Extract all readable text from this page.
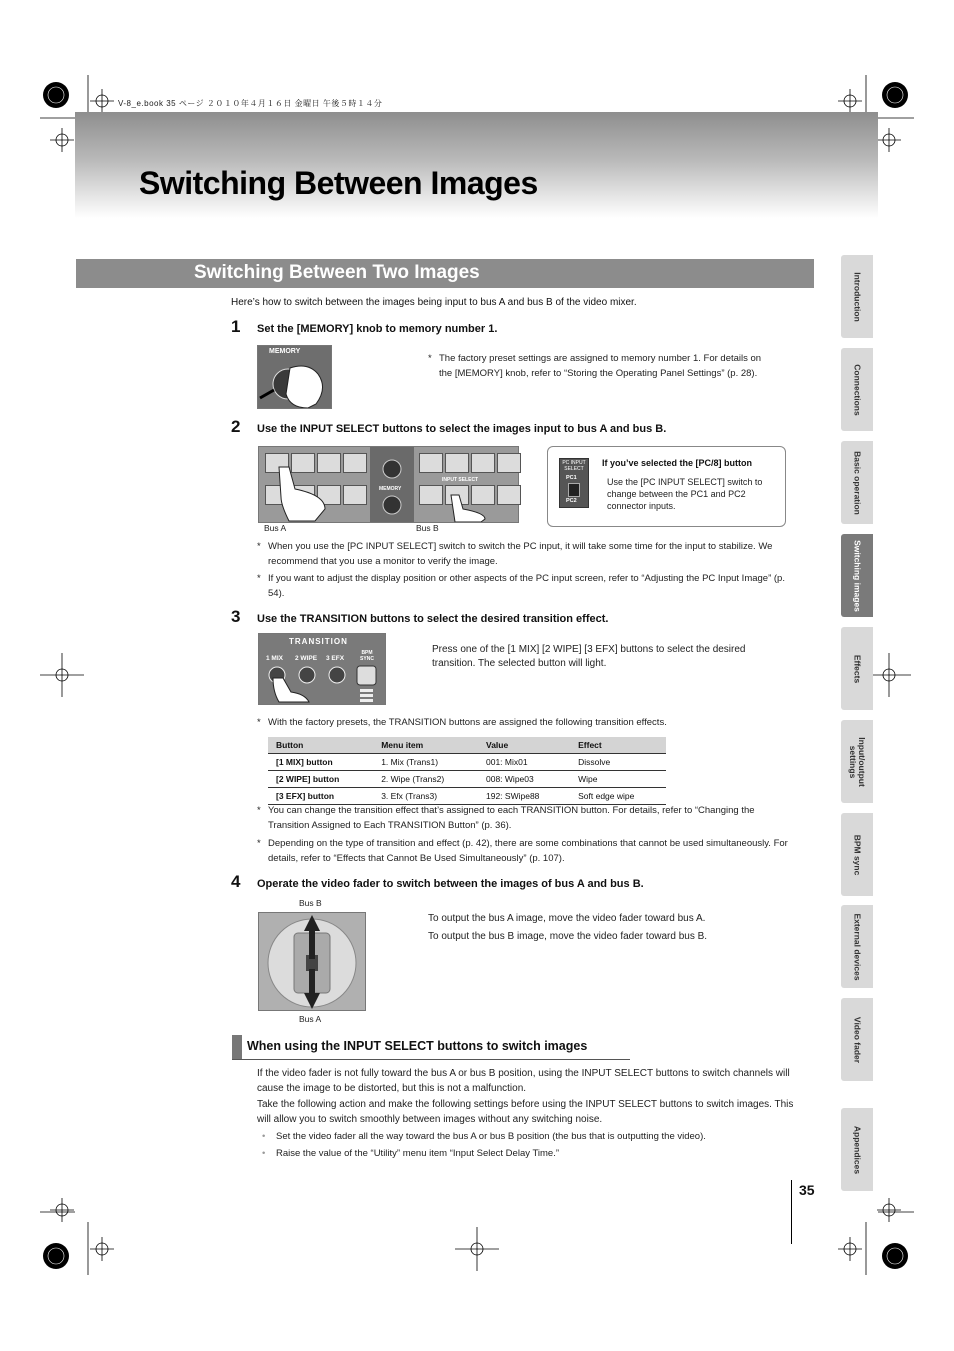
V-8_e.book 35 ページ ２０１０年４月１６日 金曜日 午後５時１４分
Switching Between Images
Switching Between Two Images
Here’s how to switch between the images being input to bus A and bus B of the video mixer.
1 Set the [MEMORY] knob to memory number 1.
MEMORY
* The factory preset settings are assigned to memory number 1. For details on
the [MEMORY] knob, refer to “Storing the Operating Panel Settings” (p. 28).
2 Use the INPUT SELECT buttons to select the images input to bus A and bus B.
MEMORY
INPUT SELECT
Bus A	Bus B
PC INPUT SELECT
PC1
PC2
If you’ve selected the [PC/8] button
Use the [PC INPUT SELECT] switch to change between the PC1 and PC2 connector inputs.
* When you use the [PC INPUT SELECT] switch to switch the PC input, it will take some time for the input to stabilize. We recommend that you use a monitor to verify the image.
* If you want to adjust the display position or other aspects of the PC input screen, refer to “Adjusting the PC Input Image” (p. 54).
3 Use the TRANSITION buttons to select the desired transition effect.
TRANSITION
1 MIX 2 WIPE 3 EFX
BPM SYNC
Press one of the [1 MIX] [2 WIPE] [3 EFX] buttons to select the desired transition. The selected button will light.
* With the factory presets, the TRANSITION buttons are assigned the following transition effects.
Button	Menu item	Value	Effect
[1 MIX] button	1. Mix (Trans1)	001: Mix01	Dissolve
[2 WIPE] button	2. Wipe (Trans2)	008: Wipe03	Wipe
[3 EFX] button	3. Efx (Trans3)	192: SWipe88	Soft edge wipe
* You can change the transition effect that’s assigned to each TRANSITION button. For details, refer to “Changing the Transition Assigned to Each TRANSITION Button” (p. 36).
* Depending on the type of transition and effect (p. 42), there are some combinations that cannot be used simultaneously. For details, refer to “Effects that Cannot Be Used Simultaneously” (p. 107).
4 Operate the video fader to switch between the images of bus A and bus B.
Bus B
Bus A
To output the bus A image, move the video fader toward bus A.
To output the bus B image, move the video fader toward bus B.
When using the INPUT SELECT buttons to switch images
If the video fader is not fully toward the bus A or bus B position, using the INPUT SELECT buttons to switch channels will cause the image to be distorted, but this is not a malfunction.
Take the following action and make the following settings before using the INPUT SELECT buttons to switch images. This will allow you to switch smoothly between images without any switching noise.
• Set the video fader all the way toward the bus A or bus B position (the bus that is outputting the video).
• Raise the value of the “Utility” menu item “Input Select Delay Time.”
Introduction
Connections
Basic operation
Switching images
Effects
Input/output settings
BPM sync
External devices
Video fader
Appendices
35
